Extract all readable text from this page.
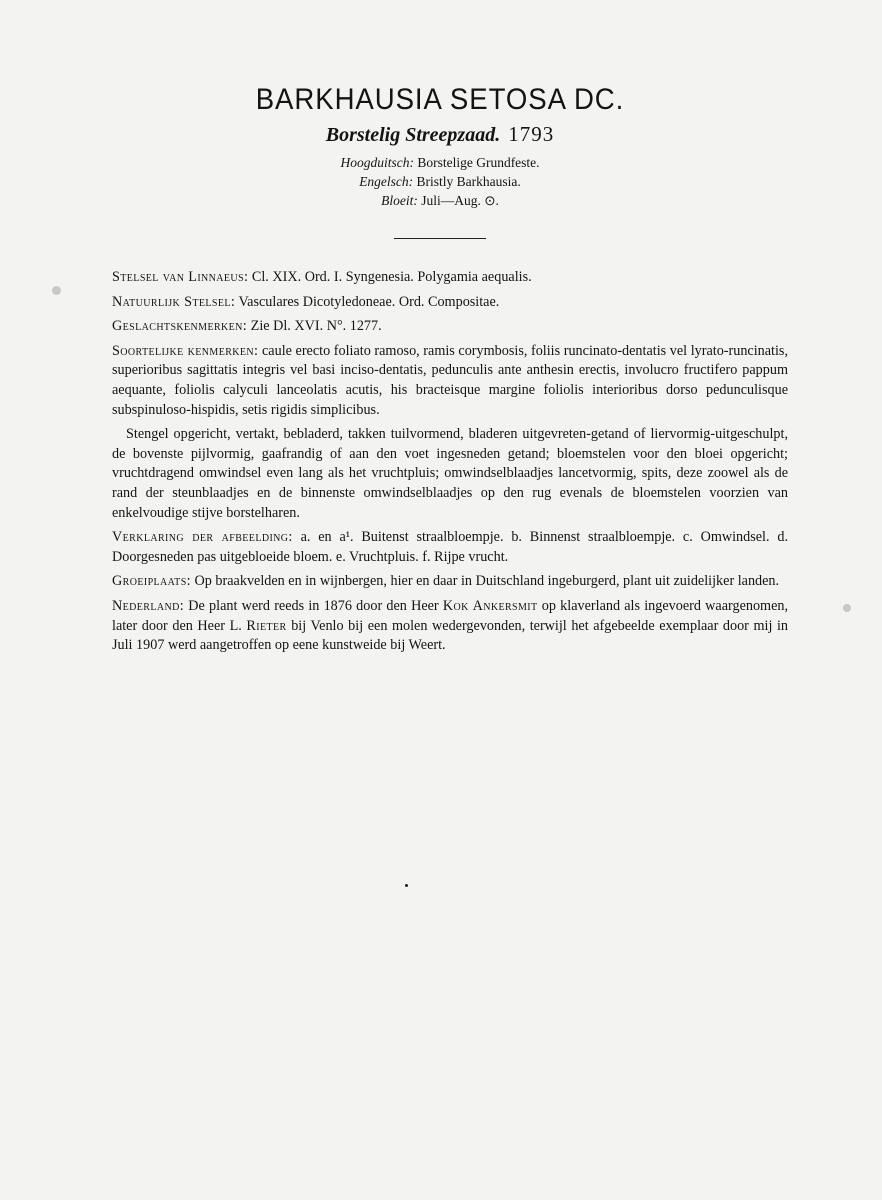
BARKHAUSIA SETOSA DC.
Borstelig Streepzaad. 1793
Hoogduitsch: Borstelige Grundfeste.
Engelsch: Bristly Barkhausia.
Bloeit: Juli—Aug. ⊙.

Stelsel van Linnaeus: Cl. XIX. Ord. I. Syngenesia. Polygamia aequalis.

Natuurlijk Stelsel: Vasculares Dicotyledoneae. Ord. Compositae.

Geslachtskenmerken: Zie Dl. XVI. N°. 1277.

Soortelijke kenmerken: caule erecto foliato ramoso, ramis corymbosis, foliis runcinato-dentatis vel lyrato-runcinatis, superioribus sagittatis integris vel basi inciso-dentatis, pedunculis ante anthesin erectis, involucro fructifero pappum aequante, foliolis calyculi lanceolatis acutis, his bracteisque margine foliolis interioribus dorso pedunculisque subspinuloso-hispidis, setis rigidis simplicibus.

Stengel opgericht, vertakt, bebladerd, takken tuilvormend, bladeren uitgevreten-getand of liervormig-uitgeschulpt, de bovenste pijlvormig, gaafrandig of aan den voet ingesneden getand; bloemstelen voor den bloei opgericht; vruchtdragend omwindsel even lang als het vruchtpluis; omwindselblaadjes lancetvormig, spits, deze zoowel als de rand der steunblaadjes en de binnenste omwindselblaadjes op den rug evenals de bloemstelen voorzien van enkelvoudige stijve borstelharen.

Verklaring der afbeelding: a. en a¹. Buitenst straalbloempje. b. Binnenst straalbloempje. c. Omwindsel. d. Doorgesneden pas uitgebloeide bloem. e. Vruchtpluis. f. Rijpe vrucht.

Groeiplaats: Op braakvelden en in wijnbergen, hier en daar in Duitschland ingeburgerd, plant uit zuidelijker landen.

Nederland: De plant werd reeds in 1876 door den Heer Kok Ankersmit op klaverland als ingevoerd waargenomen, later door den Heer L. Rieter bij Venlo bij een molen wedergevonden, terwijl het afgebeelde exemplaar door mij in Juli 1907 werd aangetroffen op eene kunstweide bij Weert.
